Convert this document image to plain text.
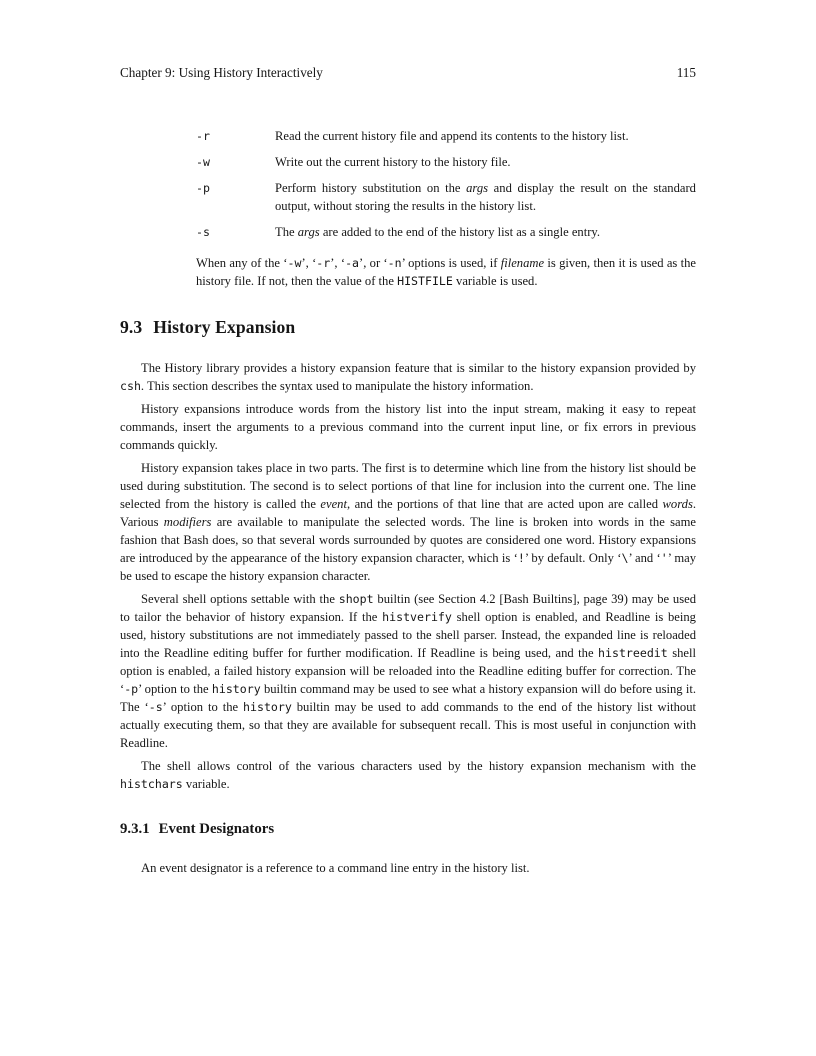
Chapter 9: Using History Interactively	115
-r	Read the current history file and append its contents to the history list.
-w	Write out the current history to the history file.
-p	Perform history substitution on the args and display the result on the standard output, without storing the results in the history list.
-s	The args are added to the end of the history list as a single entry.
When any of the ‘-w’, ‘-r’, ‘-a’, or ‘-n’ options is used, if filename is given, then it is used as the history file. If not, then the value of the HISTFILE variable is used.
9.3 History Expansion
The History library provides a history expansion feature that is similar to the history expansion provided by csh. This section describes the syntax used to manipulate the history information.
History expansions introduce words from the history list into the input stream, making it easy to repeat commands, insert the arguments to a previous command into the current input line, or fix errors in previous commands quickly.
History expansion takes place in two parts. The first is to determine which line from the history list should be used during substitution. The second is to select portions of that line for inclusion into the current one. The line selected from the history is called the event, and the portions of that line that are acted upon are called words. Various modifiers are available to manipulate the selected words. The line is broken into words in the same fashion that Bash does, so that several words surrounded by quotes are considered one word. History expansions are introduced by the appearance of the history expansion character, which is ‘!’ by default. Only ‘\’ and ‘'’ may be used to escape the history expansion character.
Several shell options settable with the shopt builtin (see Section 4.2 [Bash Builtins], page 39) may be used to tailor the behavior of history expansion. If the histverify shell option is enabled, and Readline is being used, history substitutions are not immediately passed to the shell parser. Instead, the expanded line is reloaded into the Readline editing buffer for further modification. If Readline is being used, and the histreedit shell option is enabled, a failed history expansion will be reloaded into the Readline editing buffer for correction. The ‘-p’ option to the history builtin command may be used to see what a history expansion will do before using it. The ‘-s’ option to the history builtin may be used to add commands to the end of the history list without actually executing them, so that they are available for subsequent recall. This is most useful in conjunction with Readline.
The shell allows control of the various characters used by the history expansion mechanism with the histchars variable.
9.3.1 Event Designators
An event designator is a reference to a command line entry in the history list.
